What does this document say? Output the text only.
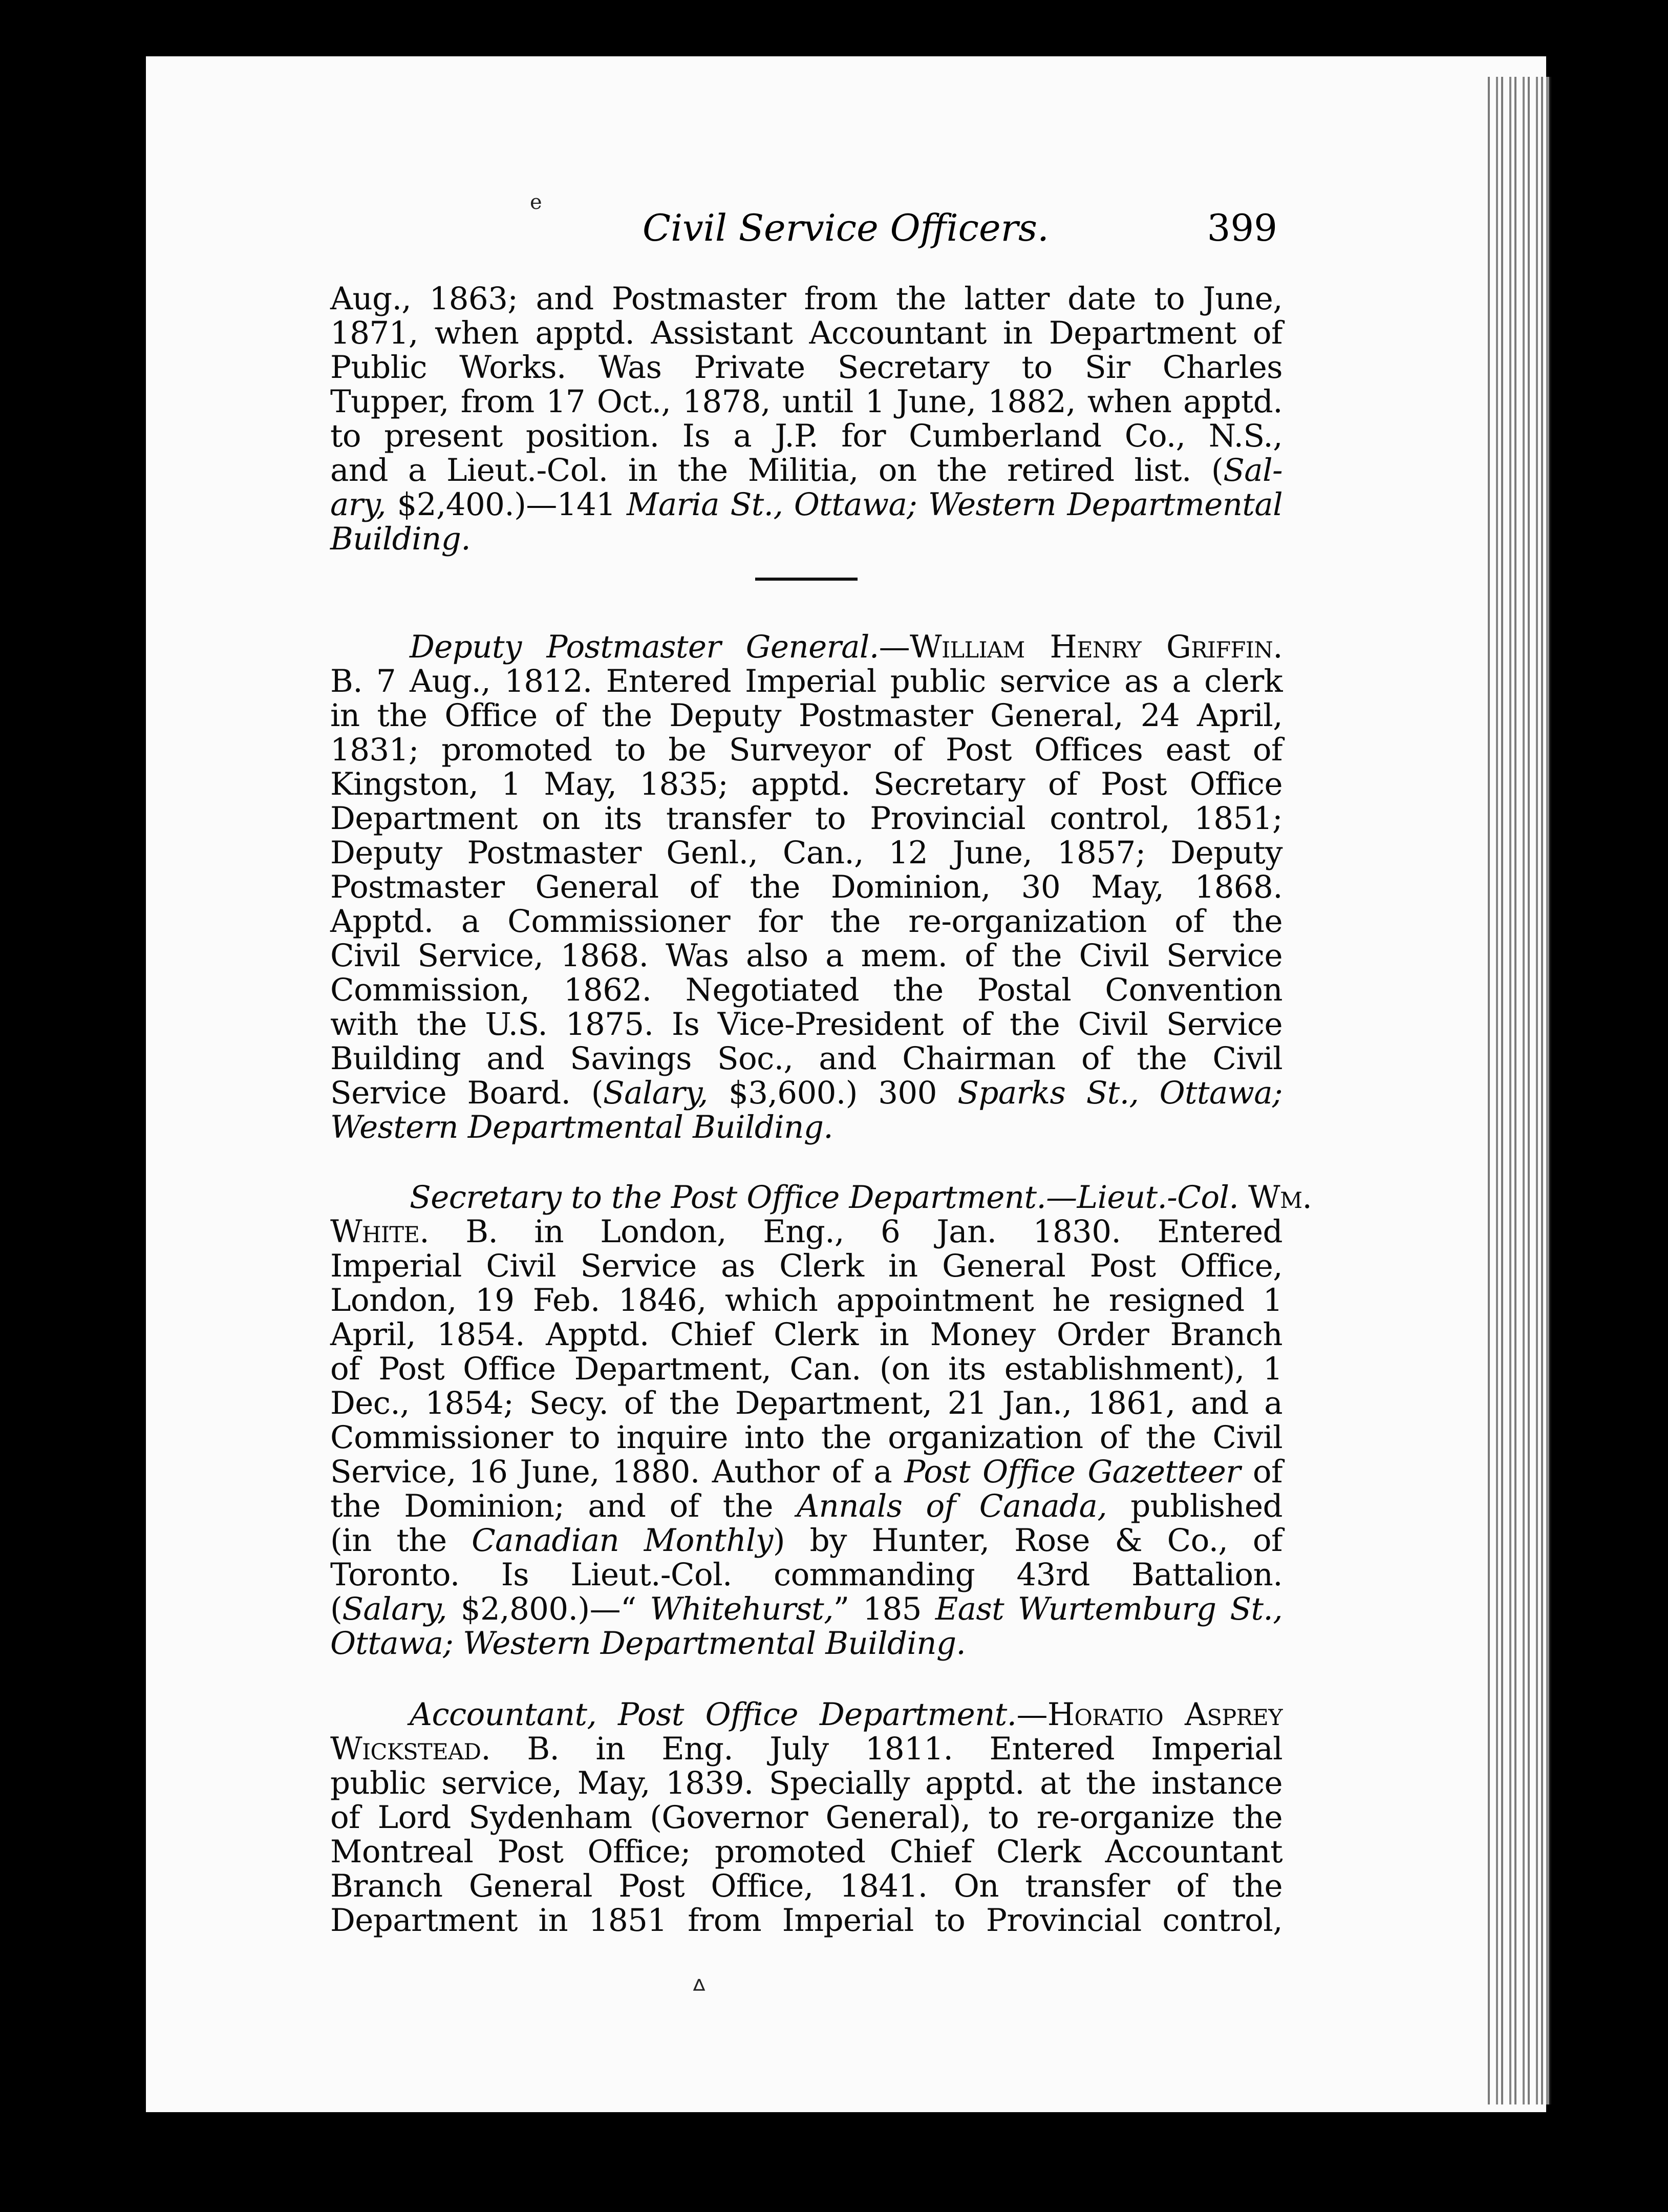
e
ᐞ
Civil Service Officers.	399
Aug., 1863; and Postmaster from the latter date to June,
1871, when apptd. Assistant Accountant in Department of
Public Works. Was Private Secretary to Sir Charles
Tupper, from 17 Oct., 1878, until 1 June, 1882, when apptd.
to present position. Is a J.P. for Cumberland Co., N.S.,
and a Lieut.-Col. in the Militia, on the retired list. (Sal-
ary, $2,400.)—141 Maria St., Ottawa; Western Departmental
Building.
Deputy Postmaster General.—William Henry Griffin.
B. 7 Aug., 1812. Entered Imperial public service as a clerk
in the Office of the Deputy Postmaster General, 24 April,
1831; promoted to be Surveyor of Post Offices east of
Kingston, 1 May, 1835; apptd. Secretary of Post Office
Department on its transfer to Provincial control, 1851;
Deputy Postmaster Genl., Can., 12 June, 1857; Deputy
Postmaster General of the Dominion, 30 May, 1868.
Apptd. a Commissioner for the re-organization of the
Civil Service, 1868. Was also a mem. of the Civil Service
Commission, 1862. Negotiated the Postal Convention
with the U.S. 1875. Is Vice-President of the Civil Service
Building and Savings Soc., and Chairman of the Civil
Service Board. (Salary, $3,600.) 300 Sparks St., Ottawa;
Western Departmental Building.
Secretary to the Post Office Department.—Lieut.-Col. Wm.
White. B. in London, Eng., 6 Jan. 1830. Entered
Imperial Civil Service as Clerk in General Post Office,
London, 19 Feb. 1846, which appointment he resigned 1
April, 1854. Apptd. Chief Clerk in Money Order Branch
of Post Office Department, Can. (on its establishment), 1
Dec., 1854; Secy. of the Department, 21 Jan., 1861, and a
Commissioner to inquire into the organization of the Civil
Service, 16 June, 1880. Author of a Post Office Gazetteer of
the Dominion; and of the Annals of Canada, published
(in the Canadian Monthly) by Hunter, Rose & Co., of
Toronto. Is Lieut.-Col. commanding 43rd Battalion.
(Salary, $2,800.)—“ Whitehurst,” 185 East Wurtemburg St.,
Ottawa; Western Departmental Building.
Accountant, Post Office Department.—Horatio Asprey
Wickstead. B. in Eng. July 1811. Entered Imperial
public service, May, 1839. Specially apptd. at the instance
of Lord Sydenham (Governor General), to re-organize the
Montreal Post Office; promoted Chief Clerk Accountant
Branch General Post Office, 1841. On transfer of the
Department in 1851 from Imperial to Provincial control,
